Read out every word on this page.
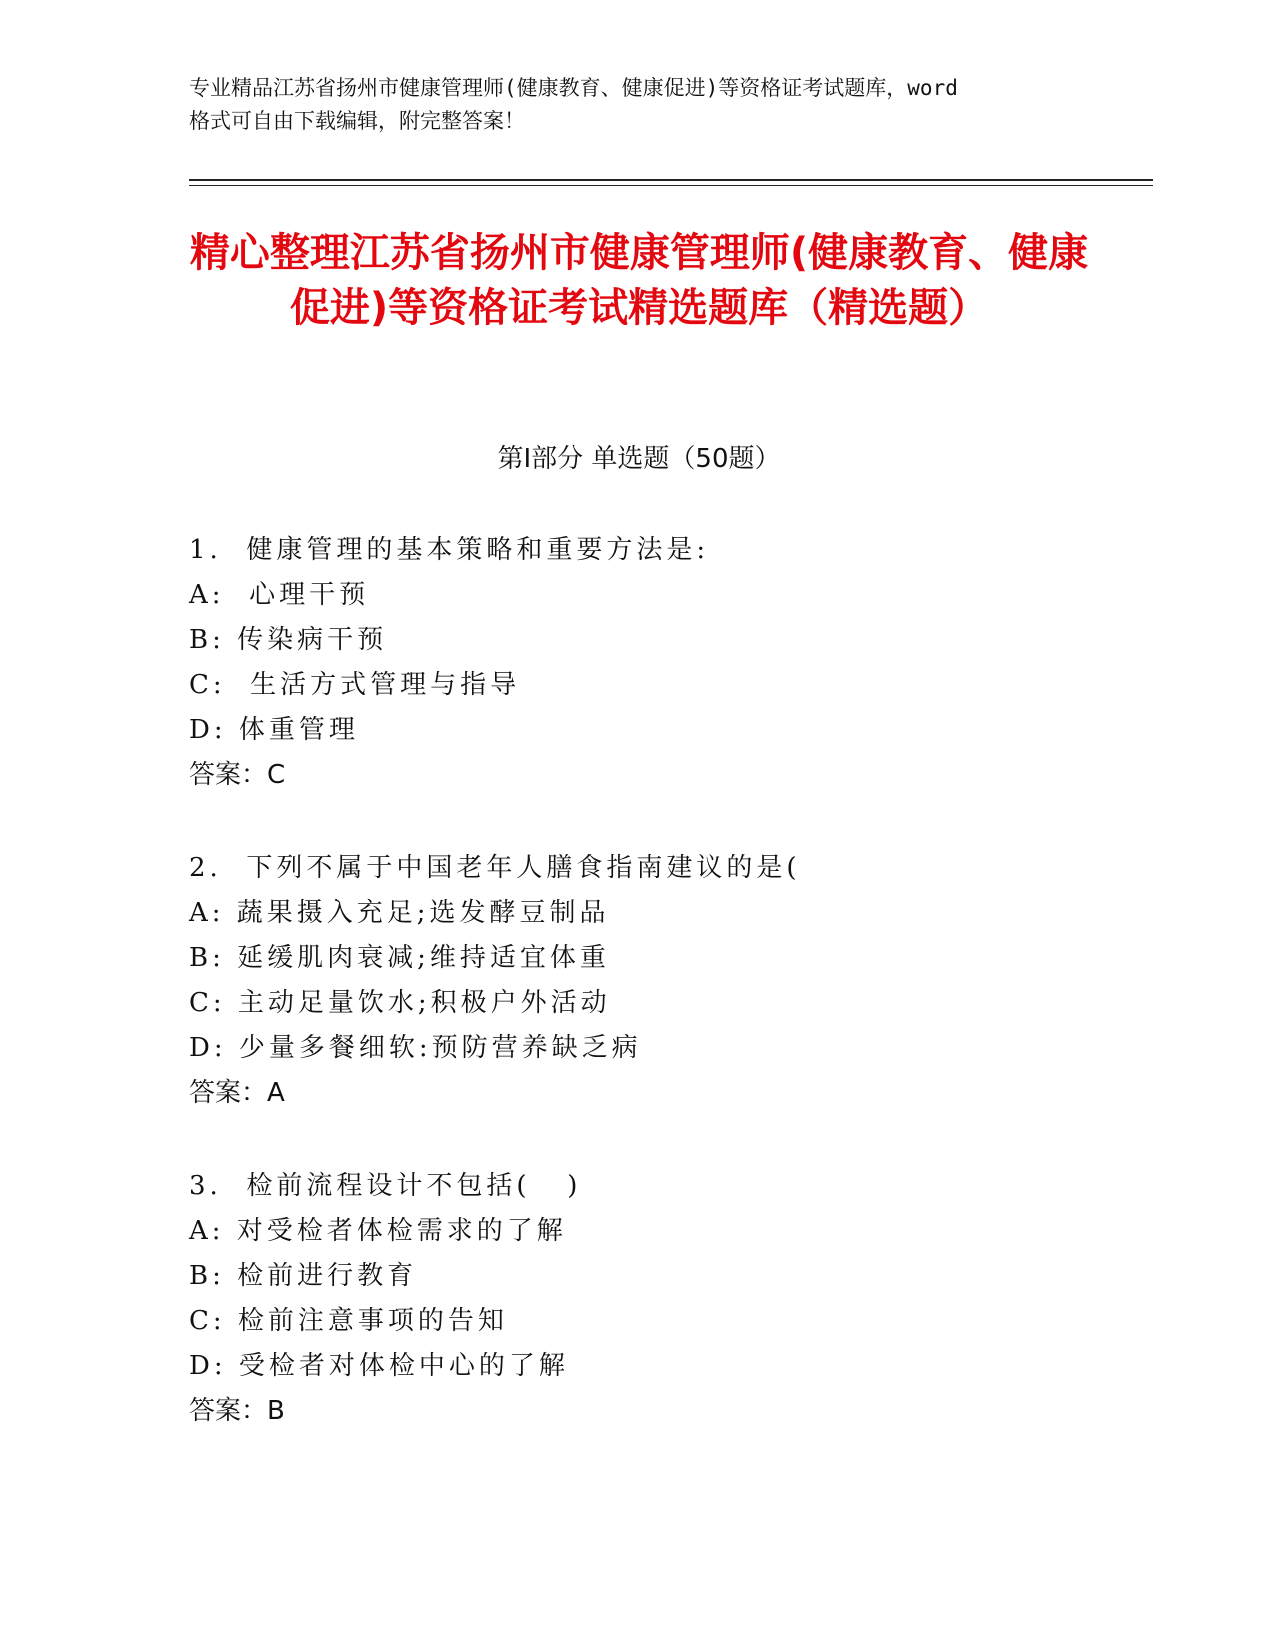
专业精品江苏省扬州市健康管理师(健康教育、健康促进)等资格证考试题库，word
格式可自由下载编辑，附完整答案！
精心整理江苏省扬州市健康管理师(健康教育、健康促进)等资格证考试精选题库（精选题）
第Ⅰ部分 单选题（50题）
1.  健康管理的基本策略和重要方法是:
A:  心理干预
B: 传染病干预
C:  生活方式管理与指导
D: 体重管理
答案：C
2.  下列不属于中国老年人膳食指南建议的是(
A: 蔬果摄入充足;选发酵豆制品
B: 延缓肌肉衰减;维持适宜体重
C: 主动足量饮水;积极户外活动
D: 少量多餐细软:预防营养缺乏病
答案：A
3.  检前流程设计不包括(   )
A: 对受检者体检需求的了解
B: 检前进行教育
C: 检前注意事项的告知
D: 受检者对体检中心的了解
答案：B
